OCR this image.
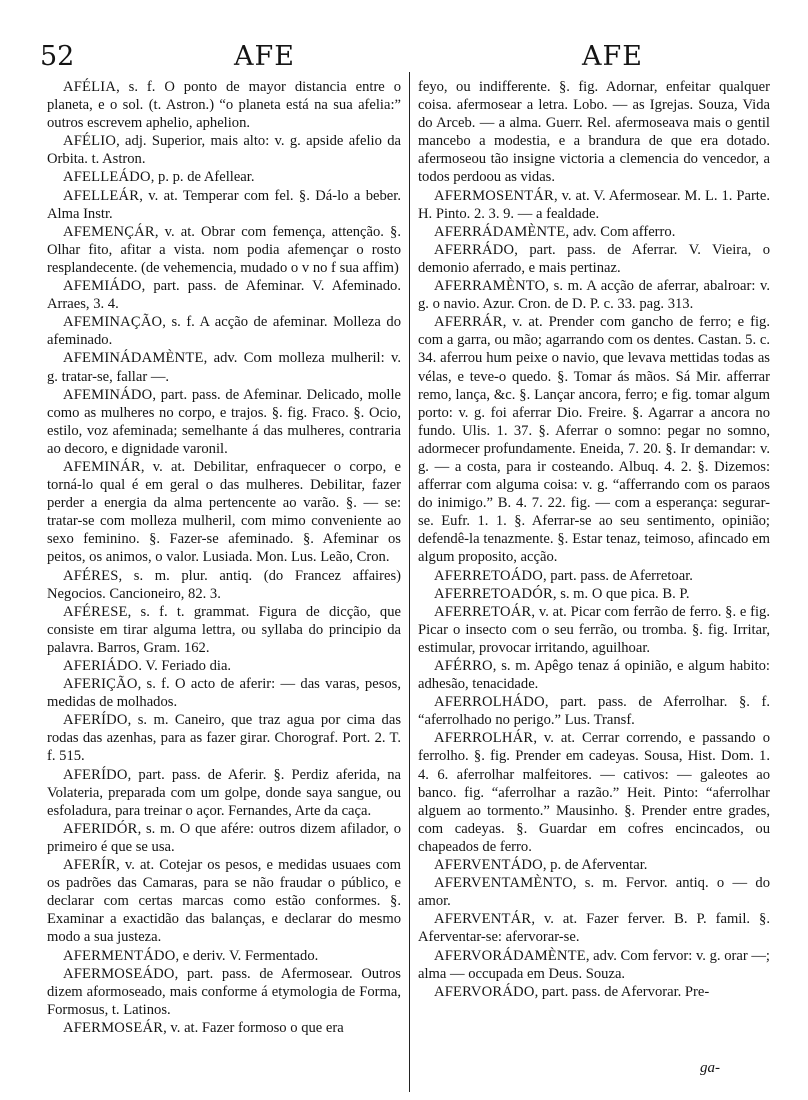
52	AFE	AFE

AFÉLIA, s. f. O ponto de mayor distancia entre o planeta, e o sol. (t. Astron.) “o planeta está na sua afelia:” outros escrevem aphelio, aphelion.

AFÉLIO, adj. Superior, mais alto: v. g. apside afelio da Orbita. t. Astron.

AFELLEÁDO, p. p. de Afellear.

AFELLEÁR, v. at. Temperar com fel. §. Dá-lo a beber. Alma Instr.

AFEMENÇÁR, v. at. Obrar com femença, attenção. §. Olhar fito, afitar a vista. nom podia afemençar o rosto resplandecente. (de vehemencia, mudado o v no f sua affim)

AFEMIÁDO, part. pass. de Afeminar. V. Afeminado. Arraes, 3. 4.

AFEMINAÇÃO, s. f. A acção de afeminar. Molleza do afeminado.

AFEMINÁDAMÈNTE, adv. Com molleza mulheril: v. g. tratar-se, fallar —.

AFEMINÁDO, part. pass. de Afeminar. Delicado, molle como as mulheres no corpo, e trajos. §. fig. Fraco. §. Ocio, estilo, voz afeminada; semelhante á das mulheres, contraria ao decoro, e dignidade varonil.

AFEMINÁR, v. at. Debilitar, enfraquecer o corpo, e torná-lo qual é em geral o das mulheres. Debilitar, fazer perder a energia da alma pertencente ao varão. §. — se: tratar-se com molleza mulheril, com mimo conveniente ao sexo feminino. §. Fazer-se afeminado. §. Afeminar os peitos, os animos, o valor. Lusiada. Mon. Lus. Leão, Cron.

AFÉRES, s. m. plur. antiq. (do Francez affaires) Negocios. Cancioneiro, 82. 3.

AFÉRESE, s. f. t. grammat. Figura de dicção, que consiste em tirar alguma lettra, ou syllaba do principio da palavra. Barros, Gram. 162.

AFERIÁDO. V. Feriado dia.

AFERIÇÃO, s. f. O acto de aferir: — das varas, pesos, medidas de molhados.

AFERÍDO, s. m. Caneiro, que traz agua por cima das rodas das azenhas, para as fazer girar. Chorograf. Port. 2. T. f. 515.

AFERÍDO, part. pass. de Aferir. §. Perdiz aferida, na Volateria, preparada com um golpe, donde saya sangue, ou esfoladura, para treinar o açor. Fernandes, Arte da caça.

AFERIDÓR, s. m. O que afére: outros dizem afilador, o primeiro é que se usa.

AFERÍR, v. at. Cotejar os pesos, e medidas usuaes com os padrões das Camaras, para se não fraudar o público, e declarar com certas marcas como estão conformes. §. Examinar a exactidão das balanças, e declarar do mesmo modo a sua justeza.

AFERMENTÁDO, e deriv. V. Fermentado.

AFERMOSEÁDO, part. pass. de Afermosear. Outros dizem aformoseado, mais conforme á etymologia de Forma, Formosus, t. Latinos.

AFERMOSEÁR, v. at. Fazer formoso o que era

feyo, ou indifferente. §. fig. Adornar, enfeitar qualquer coisa. afermosear a letra. Lobo. — as Igrejas. Souza, Vida do Arceb. — a alma. Guerr. Rel. afermoseava mais o gentil mancebo a modestia, e a brandura de que era dotado. afermoseou tão insigne victoria a clemencia do vencedor, a todos perdoou as vidas.

AFERMOSENTÁR, v. at. V. Afermosear. M. L. 1. Parte. H. Pinto. 2. 3. 9. — a fealdade.

AFERRÁDAMÈNTE, adv. Com afferro.

AFERRÁDO, part. pass. de Aferrar. V. Vieira, o demonio aferrado, e mais pertinaz.

AFERRAMÈNTO, s. m. A acção de aferrar, abalroar: v. g. o navio. Azur. Cron. de D. P. c. 33. pag. 313.

AFERRÁR, v. at. Prender com gancho de ferro; e fig. com a garra, ou mão; agarrando com os dentes. Castan. 5. c. 34. aferrou hum peixe o navio, que levava mettidas todas as vélas, e teve-o quedo. §. Tomar ás mãos. Sá Mir. afferrar remo, lança, &c. §. Lançar ancora, ferro; e fig. tomar algum porto: v. g. foi aferrar Dio. Freire. §. Agarrar a ancora no fundo. Ulis. 1. 37. §. Aferrar o somno: pegar no somno, adormecer profundamente. Eneida, 7. 20. §. Ir demandar: v. g. — a costa, para ir costeando. Albuq. 4. 2. §. Dizemos: afferrar com alguma coisa: v. g. “afferrando com os paraos do inimigo.” B. 4. 7. 22. fig. — com a esperança: segurar-se. Eufr. 1. 1. §. Aferrar-se ao seu sentimento, opinião; defendê-la tenazmente. §. Estar tenaz, teimoso, afincado em algum proposito, acção.

AFERRETOÁDO, part. pass. de Aferretoar.

AFERRETOADÓR, s. m. O que pica. B. P.

AFERRETOÁR, v. at. Picar com ferrão de ferro. §. e fig. Picar o insecto com o seu ferrão, ou tromba. §. fig. Irritar, estimular, provocar irritando, aguilhoar.

AFÉRRO, s. m. Apêgo tenaz á opinião, e algum habito: adhesão, tenacidade.

AFERROLHÁDO, part. pass. de Aferrolhar. §. f. “aferrolhado no perigo.” Lus. Transf.

AFERROLHÁR, v. at. Cerrar correndo, e passando o ferrolho. §. fig. Prender em cadeyas. Sousa, Hist. Dom. 1. 4. 6. aferrolhar malfeitores. — cativos: — galeotes ao banco. fig. “aferrolhar a razão.” Heit. Pinto: “aferrolhar alguem ao tormento.” Mausinho. §. Prender entre grades, com cadeyas. §. Guardar em cofres encincados, ou chapeados de ferro.

AFERVENTÁDO, p. de Aferventar.

AFERVENTAMÈNTO, s. m. Fervor. antiq. o — do amor.

AFERVENTÁR, v. at. Fazer ferver. B. P. famil. §. Aferventar-se: afervorar-se.

AFERVORÁDAMÈNTE, adv. Com fervor: v. g. orar —; alma — occupada em Deus. Souza.

AFERVORÁDO, part. pass. de Afervorar. Pre-

ga-
